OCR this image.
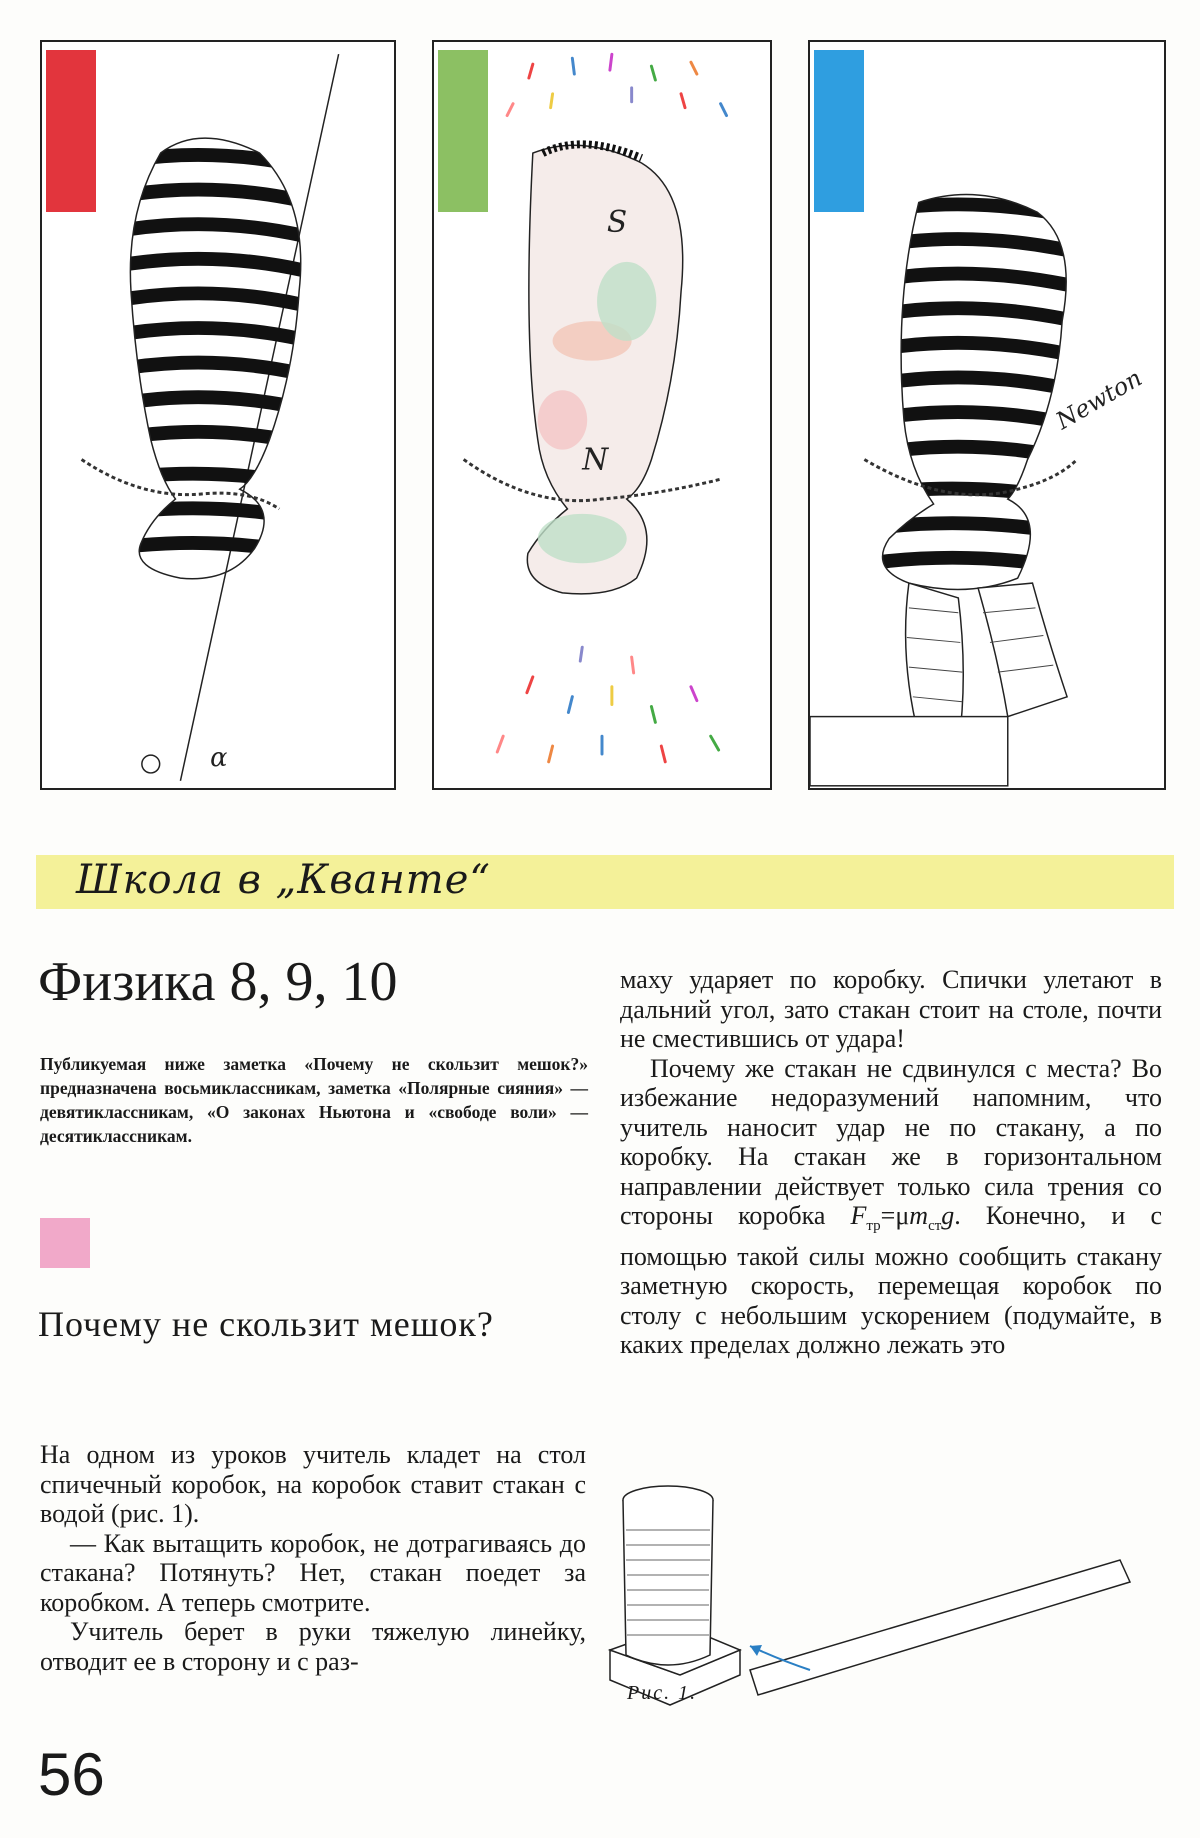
α
S
N
Newton
Школа в „Кванте“
Физика 8, 9, 10

Публикуемая ниже заметка «Почему не скользит мешок?» предназначена восьмиклассникам, заметка «Полярные сияния» — девятиклассникам, «О законах Ньютона и «свободе воли» — десятиклассникам.

Почему не скользит мешок?

На одном из уроков учитель кладет на стол спичечный коробок, на коробок ставит стакан с водой (рис. 1).

— Как вытащить коробок, не дотрагиваясь до стакана? Потянуть? Нет, стакан поедет за коробком. А теперь смотрите.

Учитель берет в руки тяжелую линейку, отводит ее в сторону и с раз-

маху ударяет по коробку. Спички улетают в дальний угол, зато стакан стоит на столе, почти не сместившись от удара!

Почему же стакан не сдвинулся с места? Во избежание недоразумений напомним, что учитель наносит удар не по стакану, а по коробку. На стакан же в горизонтальном направлении действует только сила трения со стороны коробка $F_{тр}=\mu m_{ст}g$. Конечно, и с помощью такой силы можно сообщить стакану заметную скорость, перемещая коробок по столу с небольшим ускорением (подумайте, в каких пределах должно лежать это

Рис. 1.

56
